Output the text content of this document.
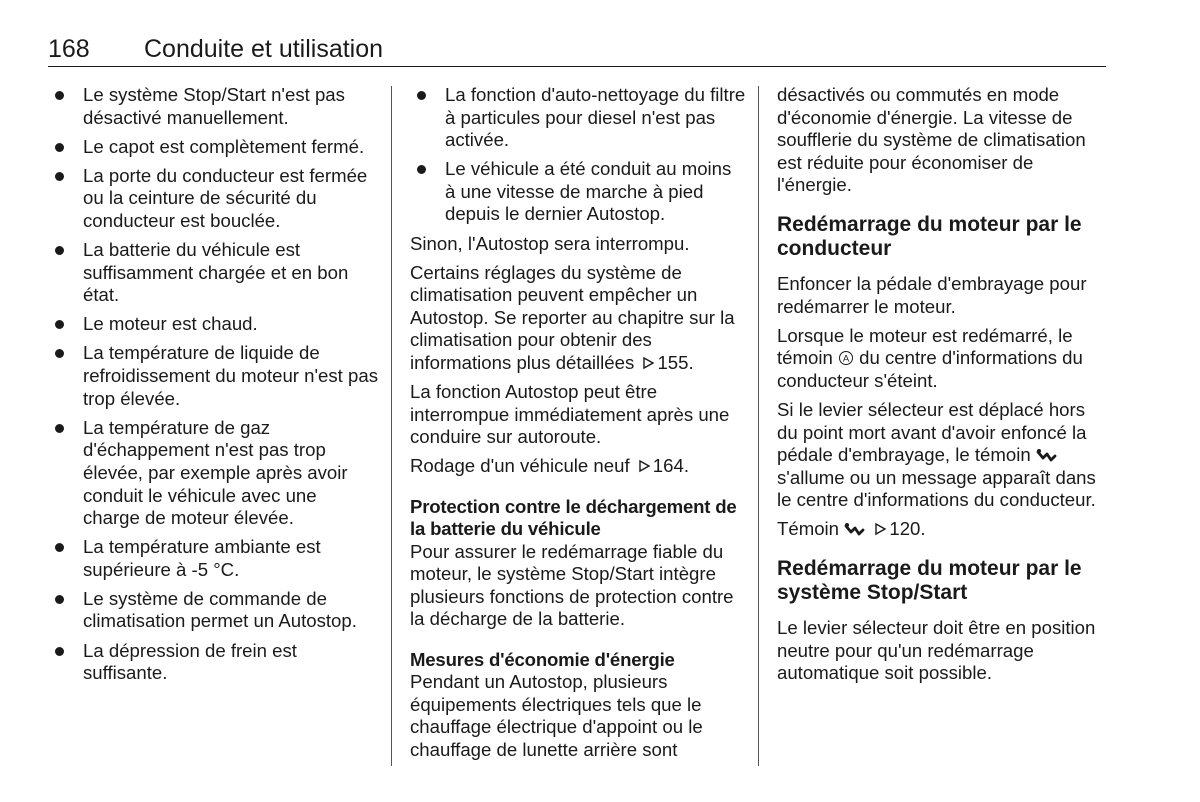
168 Conduite et utilisation
Le système Stop/Start n'est pas désactivé manuellement.
Le capot est complètement fermé.
La porte du conducteur est fermée ou la ceinture de sécurité du conducteur est bouclée.
La batterie du véhicule est suffisamment chargée et en bon état.
Le moteur est chaud.
La température de liquide de refroidissement du moteur n'est pas trop élevée.
La température de gaz d'échappement n'est pas trop élevée, par exemple après avoir conduit le véhicule avec une charge de moteur élevée.
La température ambiante est supérieure à -5 °C.
Le système de commande de climatisation permet un Autostop.
La dépression de frein est suffisante.
La fonction d'auto-nettoyage du filtre à particules pour diesel n'est pas activée.
Le véhicule a été conduit au moins à une vitesse de marche à pied depuis le dernier Autostop.

Sinon, l'Autostop sera interrompu.

Certains réglages du système de climatisation peuvent empêcher un Autostop. Se reporter au chapitre sur la climatisation pour obtenir des informations plus détaillées 155.

La fonction Autostop peut être interrompue immédiatement après une conduire sur autoroute.

Rodage d'un véhicule neuf 164.

Protection contre le déchargement de la batterie du véhicule

Pour assurer le redémarrage fiable du moteur, le système Stop/Start intègre plusieurs fonctions de protection contre la décharge de la batterie.

Mesures d'économie d'énergie

Pendant un Autostop, plusieurs équipements électriques tels que le chauffage électrique d'appoint ou le chauffage de lunette arrière sont

désactivés ou commutés en mode d'économie d'énergie. La vitesse de soufflerie du système de climatisation est réduite pour économiser de l'énergie.

Redémarrage du moteur par le conducteur

Enfoncer la pédale d'embrayage pour redémarrer le moteur.

Lorsque le moteur est redémarré, le témoin A du centre d'informations du conducteur s'éteint.

Si le levier sélecteur est déplacé hors du point mort avant d'avoir enfoncé la pédale d'embrayage, le témoin  s'allume ou un message apparaît dans le centre d'informations du conducteur.

Témoin	120.

Redémarrage du moteur par le système Stop/Start

Le levier sélecteur doit être en position neutre pour qu'un redémarrage automatique soit possible.
